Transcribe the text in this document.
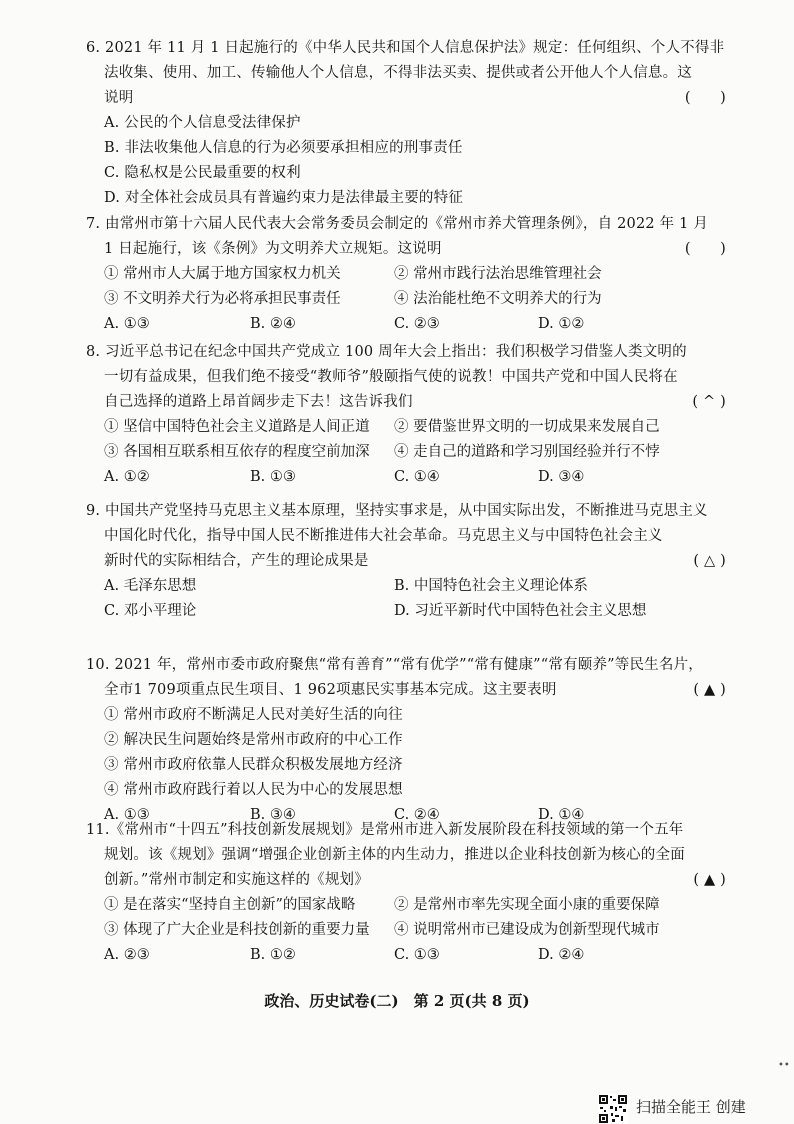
6. 2021 年 11 月 1 日起施行的《中华人民共和国个人信息保护法》规定：任何组织、个人不得非
法收集、使用、加工、传输他人个人信息，不得非法买卖、提供或者公开他人个人信息。这
说明	(　　)
A. 公民的个人信息受法律保护
B. 非法收集他人信息的行为必须要承担相应的刑事责任
C. 隐私权是公民最重要的权利
D. 对全体社会成员具有普遍约束力是法律最主要的特征
7. 由常州市第十六届人民代表大会常务委员会制定的《常州市养犬管理条例》，自 2022 年 1 月
1 日起施行，该《条例》为文明养犬立规矩。这说明	(　　)
① 常州市人大属于地方国家权力机关	② 常州市践行法治思维管理社会
③ 不文明养犬行为必将承担民事责任	④ 法治能杜绝不文明养犬的行为
A. ①③	B. ②④	C. ②③	D. ①②
8. 习近平总书记在纪念中国共产党成立 100 周年大会上指出：我们积极学习借鉴人类文明的
一切有益成果，但我们绝不接受“教师爷”般颐指气使的说教！中国共产党和中国人民将在
自己选择的道路上昂首阔步走下去！这告诉我们	( ^ )
① 坚信中国特色社会主义道路是人间正道 ② 要借鉴世界文明的一切成果来发展自己
③ 各国相互联系相互依存的程度空前加深 ④ 走自己的道路和学习别国经验并行不悖
A. ①②	B. ①③	C. ①④	D. ③④
9. 中国共产党坚持马克思主义基本原理，坚持实事求是，从中国实际出发，不断推进马克思主义
中国化时代化，指导中国人民不断推进伟大社会革命。马克思主义与中国特色社会主义
新时代的实际相结合，产生的理论成果是	( △ )
A. 毛泽东思想	B. 中国特色社会主义理论体系
C. 邓小平理论	D. 习近平新时代中国特色社会主义思想
10. 2021 年，常州市委市政府聚焦“常有善育”“常有优学”“常有健康”“常有颐养”等民生名片，
全市1 709项重点民生项目、1 962项惠民实事基本完成。这主要表明	( ▲ )
① 常州市政府不断满足人民对美好生活的向往
② 解决民生问题始终是常州市政府的中心工作
③ 常州市政府依靠人民群众积极发展地方经济
④ 常州市政府践行着以人民为中心的发展思想
A. ①③	B. ③④	C. ②④	D. ①④
11.《常州市“十四五”科技创新发展规划》是常州市进入新发展阶段在科技领域的第一个五年
规划。该《规划》强调“增强企业创新主体的内生动力，推进以企业科技创新为核心的全面
创新。”常州市制定和实施这样的《规划》	( ▲ )
① 是在落实“坚持自主创新”的国家战略	② 是常州市率先实现全面小康的重要保障
③ 体现了广大企业是科技创新的重要力量 ④ 说明常州市已建设成为创新型现代城市
A. ②③	B. ①②	C. ①③	D. ②④
政治、历史试卷(二)　第 2 页(共 8 页)
••
扫描全能王 创建
